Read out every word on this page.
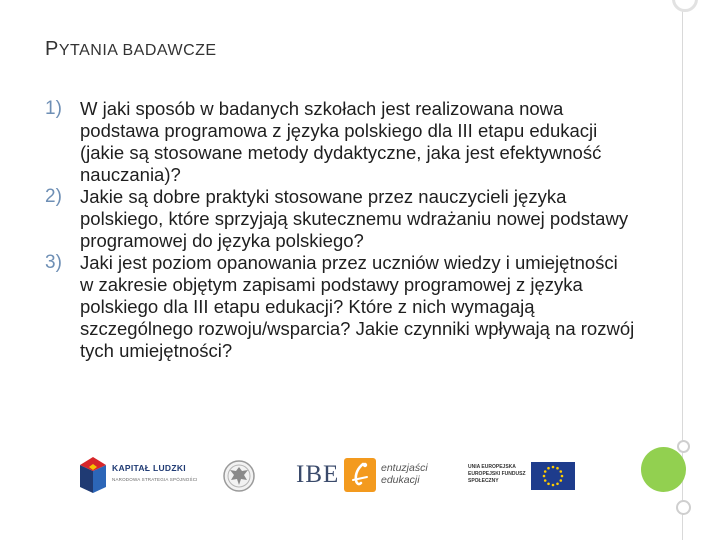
PYTANIA BADAWCZE
1) W jaki sposób w badanych szkołach jest realizowana nowa podstawa programowa z języka polskiego dla III etapu edukacji (jakie są stosowane metody dydaktyczne, jaka jest efektywność nauczania)?
2) Jakie są dobre praktyki stosowane przez nauczycieli języka polskiego, które sprzyjają skutecznemu wdrażaniu nowej podstawy programowej do języka polskiego?
3) Jaki jest poziom opanowania przez uczniów wiedzy i umiejętności w zakresie objętym zapisami podstawy programowej z języka polskiego dla III etapu edukacji? Które z nich wymagają szczególnego rozwoju/wsparcia? Jakie czynniki wpływają na rozwój tych umiejętności?
KAPITAŁ LUDZKI
NARODOWA STRATEGIA SPÓJNOŚCI	IBE	entuzjaści edukacji
UNIA EUROPEJSKA EUROPEJSKI FUNDUSZ SPOŁECZNY
